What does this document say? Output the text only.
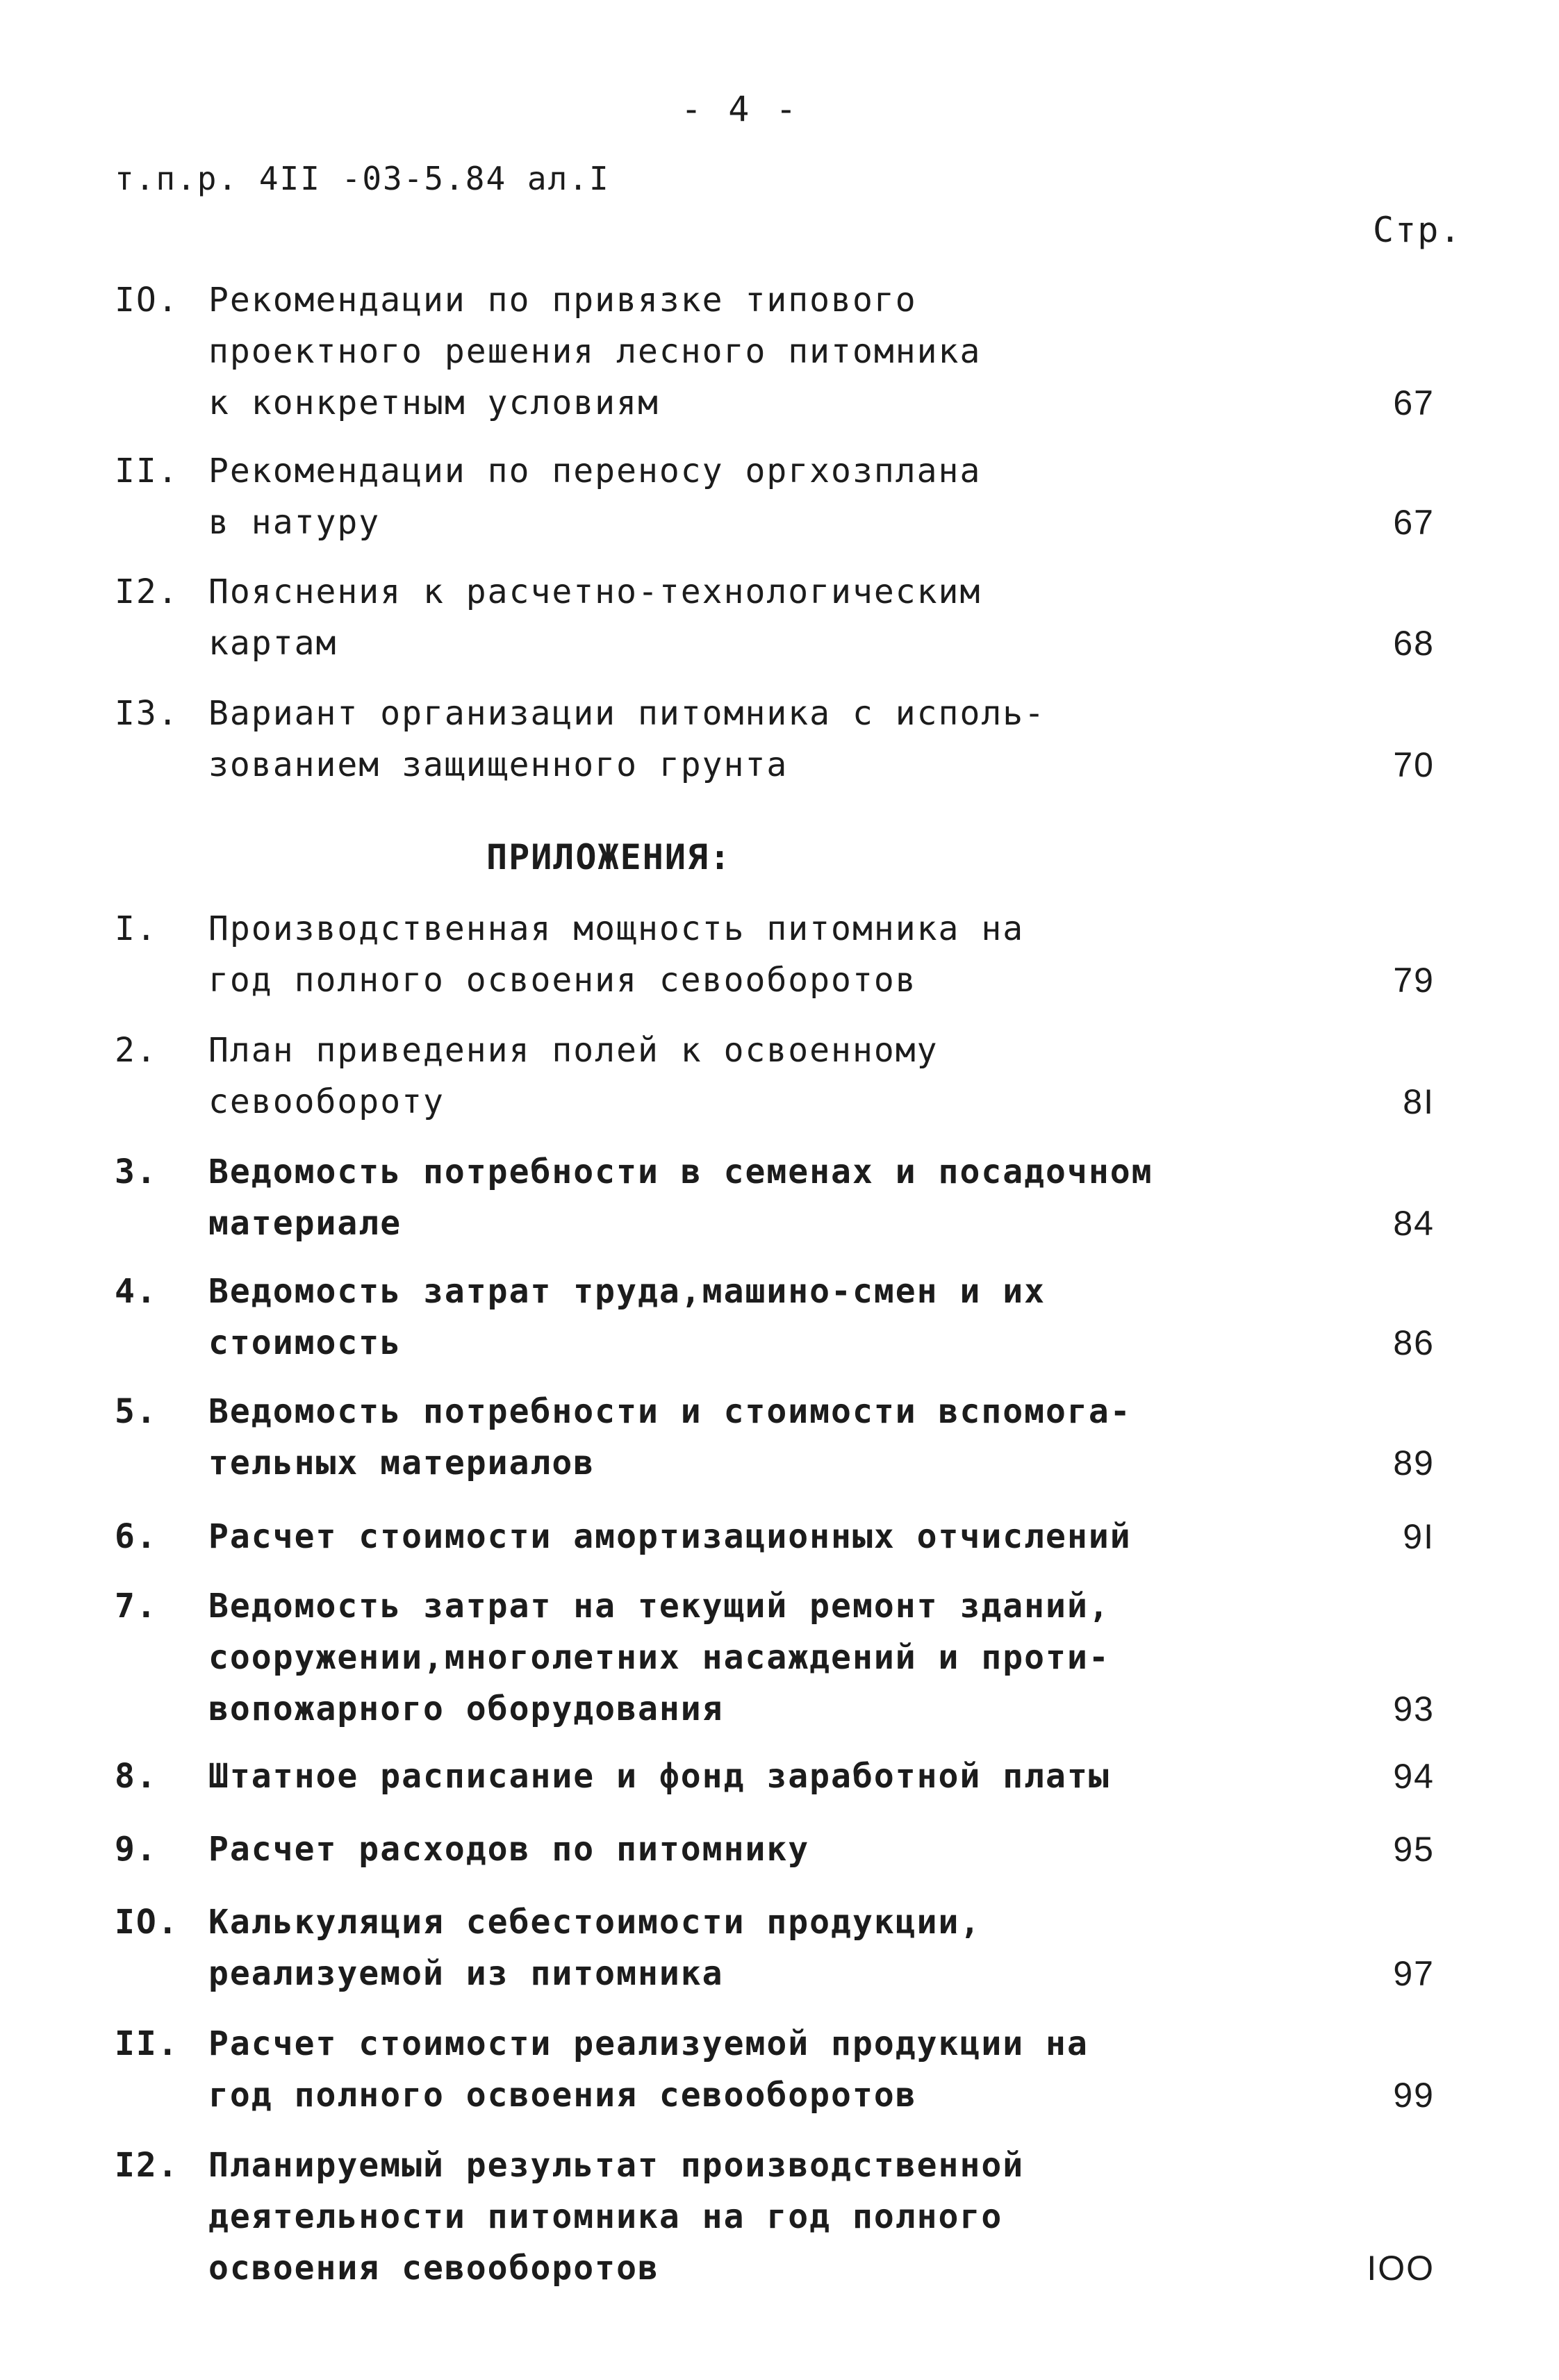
- 4 -
т.п.р. 4II -03-5.84 ал.I
Стр.
IO. Рекомендации по привязке типового
проектного решения лесного питомника
к конкретным условиям	67
II. Рекомендации по переносу оргхозплана
в натуру	67
I2. Пояснения к расчетно-технологическим
картам	68
I3. Вариант организации питомника с исполь-
зованием защищенного грунта	70
ПРИЛОЖЕНИЯ:
I.	Производственная мощность питомника на
год полного освоения севооборотов	79
2.	План приведения полей к освоенному
севообороту	8I
3.	Ведомость потребности в семенах и посадочном
материале	84
4.	Ведомость затрат труда,машино-смен и их
стоимость	86
5.	Ведомость потребности и стоимости вспомога-
тельных материалов	89
6.	Расчет стоимости амортизационных отчислений	9I
7.	Ведомость затрат на текущий ремонт зданий,
сооружении,многолетних насаждений и проти-
вопожарного оборудования	93
8.	Штатное расписание и фонд заработной платы	94
9.	Расчет расходов по питомнику	95
IO. Калькуляция себестоимости продукции,
реализуемой из питомника	97
II. Расчет стоимости реализуемой продукции на
год полного освоения севооборотов	99
I2. Планируемый результат производственной
деятельности питомника на год полного
освоения севооборотов	IOO
